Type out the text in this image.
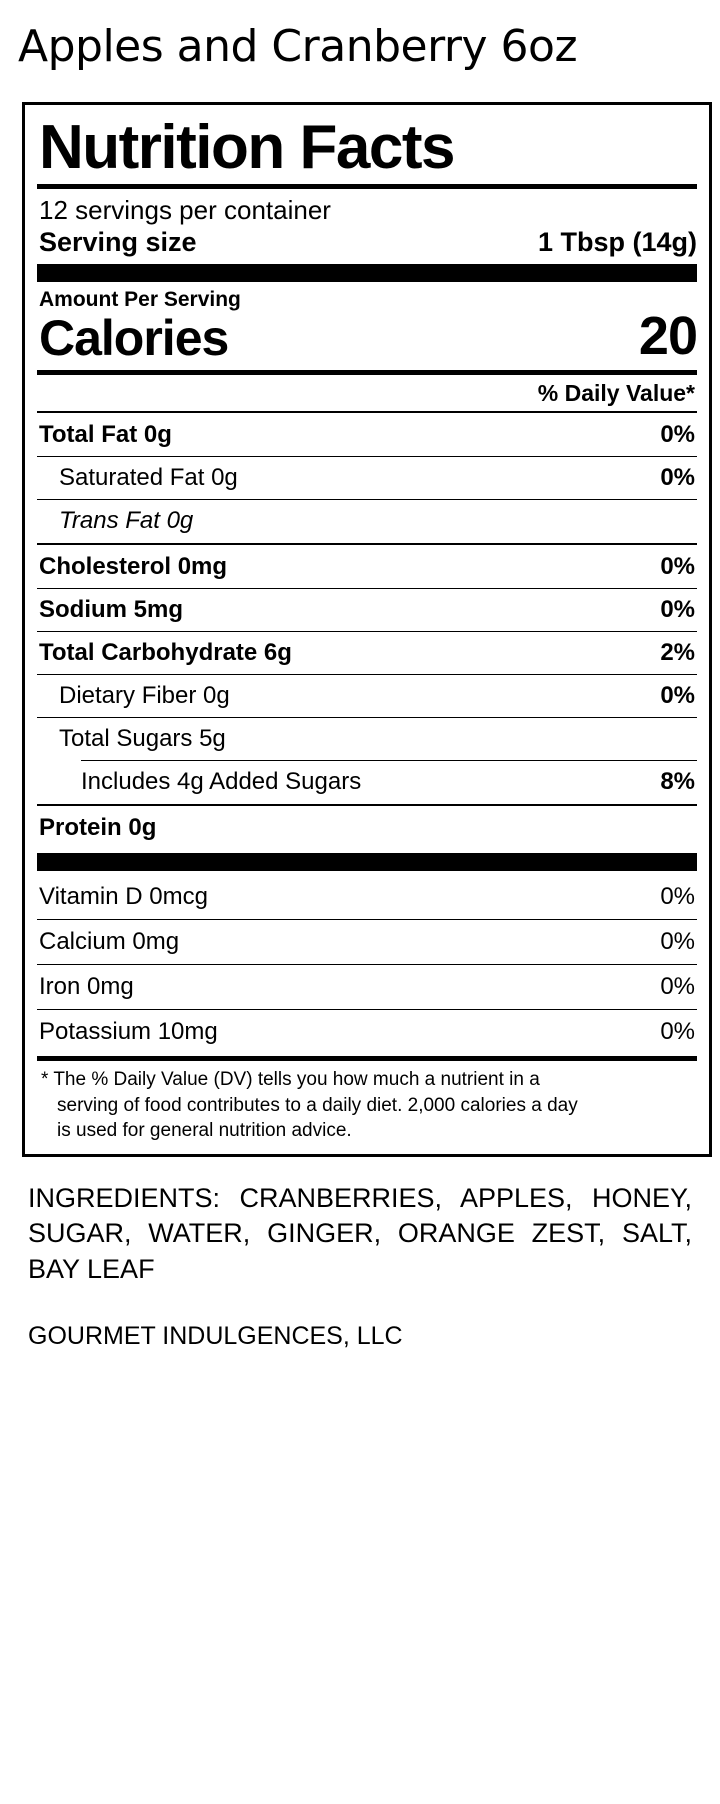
Apples and Cranberry 6oz
Nutrition Facts
12 servings per container
Serving size	1 Tbsp (14g)
Amount Per Serving
Calories	20
% Daily Value*
Total Fat 0g	0%
Saturated Fat 0g	0%
Trans Fat 0g
Cholesterol 0mg	0%
Sodium 5mg	0%
Total Carbohydrate 6g	2%
Dietary Fiber 0g	0%
Total Sugars 5g
Includes 4g Added Sugars	8%
Protein 0g
Vitamin D 0mcg	0%
Calcium 0mg	0%
Iron 0mg	0%
Potassium 10mg	0%
* The % Daily Value (DV) tells you how much a nutrient in a
serving of food contributes to a daily diet. 2,000 calories a day
is used for general nutrition advice.
INGREDIENTS: CRANBERRIES, APPLES, HONEY, SUGAR, WATER, GINGER, ORANGE ZEST, SALT, BAY LEAF
GOURMET INDULGENCES, LLC
